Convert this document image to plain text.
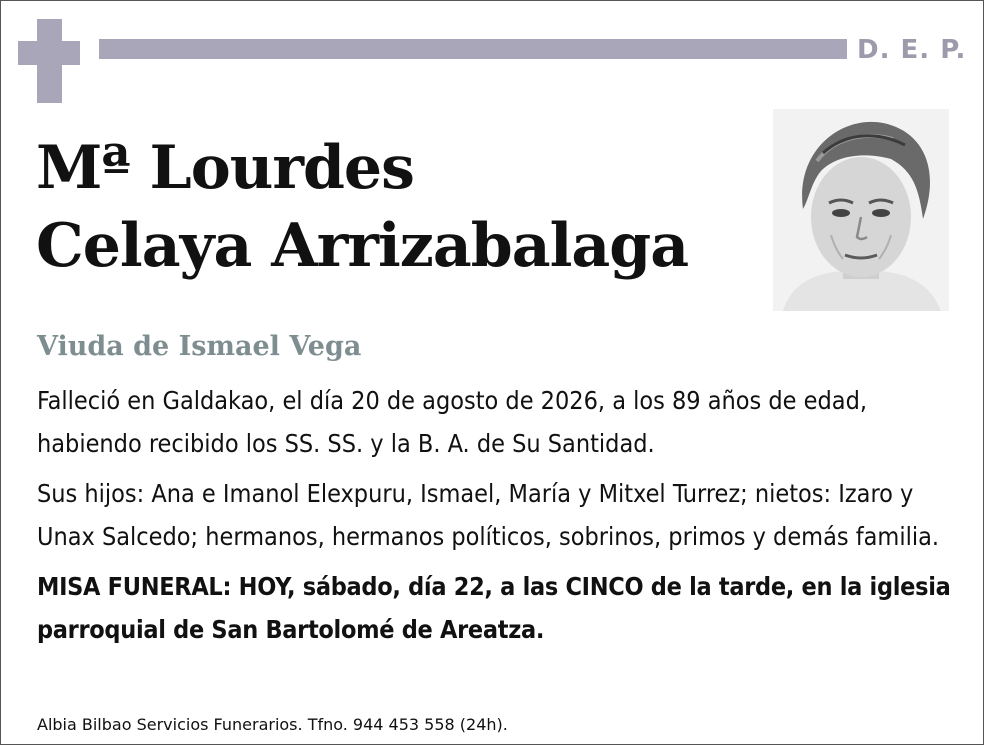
D. E. P.
Mª Lourdes
Celaya Arrizabalaga
Viuda de Ismael Vega

Falleció en Galdakao, el día 20 de agosto de 2026, a los 89 años de edad, habiendo recibido los SS. SS. y la B. A. de Su Santidad.

Sus hijos: Ana e Imanol Elexpuru, Ismael, María y Mitxel Turrez; nietos: Izaro y Unax Salcedo; hermanos, hermanos políticos, sobrinos, primos y demás familia.

MISA FUNERAL: HOY, sábado, día 22, a las CINCO de la tarde, en la iglesia parroquial de San Bartolomé de Areatza.

Albia Bilbao Servicios Funerarios. Tfno. 944 453 558 (24h).
